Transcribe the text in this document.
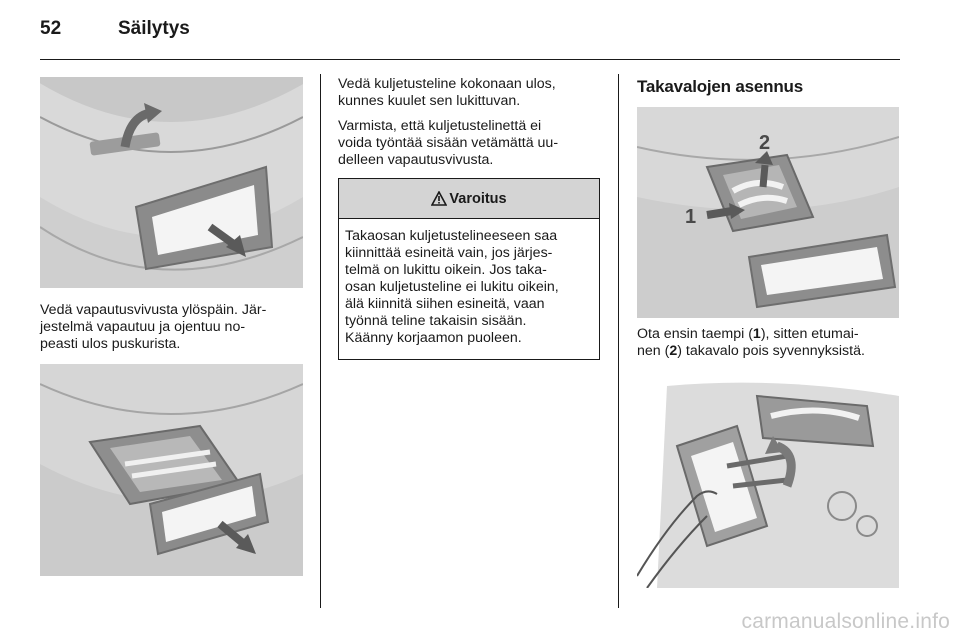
52	Säilytys

Vedä vapautusvivusta ylöspäin. Jär-

jestelmä vapautuu ja ojentuu no-

peasti ulos puskurista.

Vedä kuljetusteline kokonaan ulos,

kunnes kuulet sen lukittuvan.

Varmista, että kuljetustelinettä ei

voida työntää sisään vetämättä uu-

delleen vapautusvivusta.

Varoitus

Takaosan kuljetustelineeseen saa

kiinnittää esineitä vain, jos järjes-

telmä on lukittu oikein. Jos taka-

osan kuljetusteline ei lukitu oikein,

älä kiinnitä siihen esineitä, vaan

työnnä teline takaisin sisään.

Käänny korjaamon puoleen.

Takavalojen asennus
1
2

Ota ensin taempi (1), sitten etumai-

nen (2) takavalo pois syvennyksistä.

carmanualsonline.info
